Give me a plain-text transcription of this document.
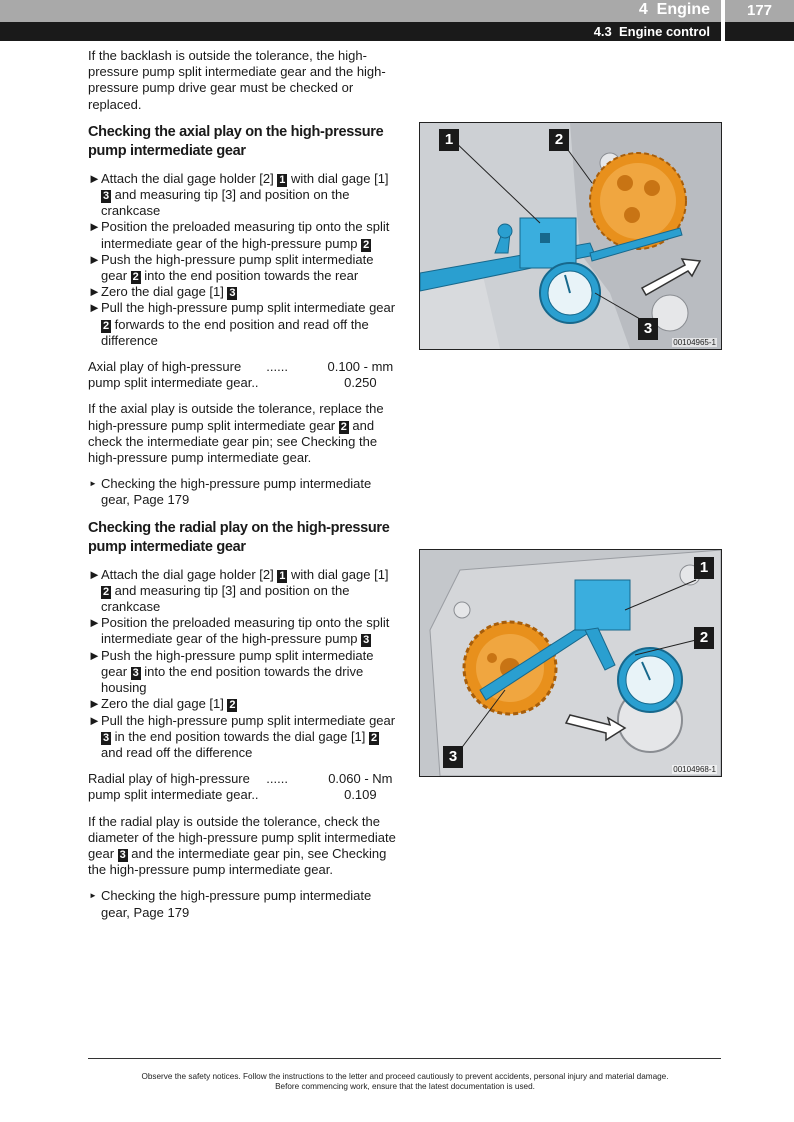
4  Engine
4.3  Engine control
177

If the backlash is outside the tolerance, the high-pressure pump split intermediate gear and the high-pressure pump drive gear must be checked or replaced.

Checking the axial play on the high-pressure pump intermediate gear
► Attach the dial gage holder [2] 1 with dial gage [1] 3 and measuring tip [3] and position on the crankcase
► Position the preloaded measuring tip onto the split intermediate gear of the high-pressure pump 2
► Push the high-pressure pump split intermediate gear 2 into the end position towards the rear
► Zero the dial gage [1] 3
► Pull the high-pressure pump split intermediate gear 2 forwards to the end position and read off the difference
Axial play of high-pressure	......	0.100 - mm
pump split intermediate gear..		0.250

If the axial play is outside the tolerance, replace the high-pressure pump split intermediate gear 2 and check the intermediate gear pin; see Checking the high-pressure pump intermediate gear.

► Checking the high-pressure pump intermediate gear, Page 179
Checking the radial play on the high-pressure pump intermediate gear
► Attach the dial gage holder [2] 1 with dial gage [1] 2 and measuring tip [3] and position on the crankcase
► Position the preloaded measuring tip onto the split intermediate gear of the high-pressure pump 3
► Push the high-pressure pump split intermediate gear 3 into the end position towards the drive housing
► Zero the dial gage [1] 2
► Pull the high-pressure pump split intermediate gear 3 in the end position towards the dial gage [1] 2 and read off the difference
Radial play of high-pressure	......	0.060 - Nm
pump split intermediate gear..		0.109

If the radial play is outside the tolerance, check the diameter of the high-pressure pump split intermediate gear 3 and the intermediate gear pin, see Checking the high-pressure pump intermediate gear.

► Checking the high-pressure pump intermediate gear, Page 179
1	2
3
00104965-1
1
2
3
00104968-1
Observe the safety notices. Follow the instructions to the letter and proceed cautiously to prevent accidents, personal injury and material damage.
Before commencing work, ensure that the latest documentation is used.
